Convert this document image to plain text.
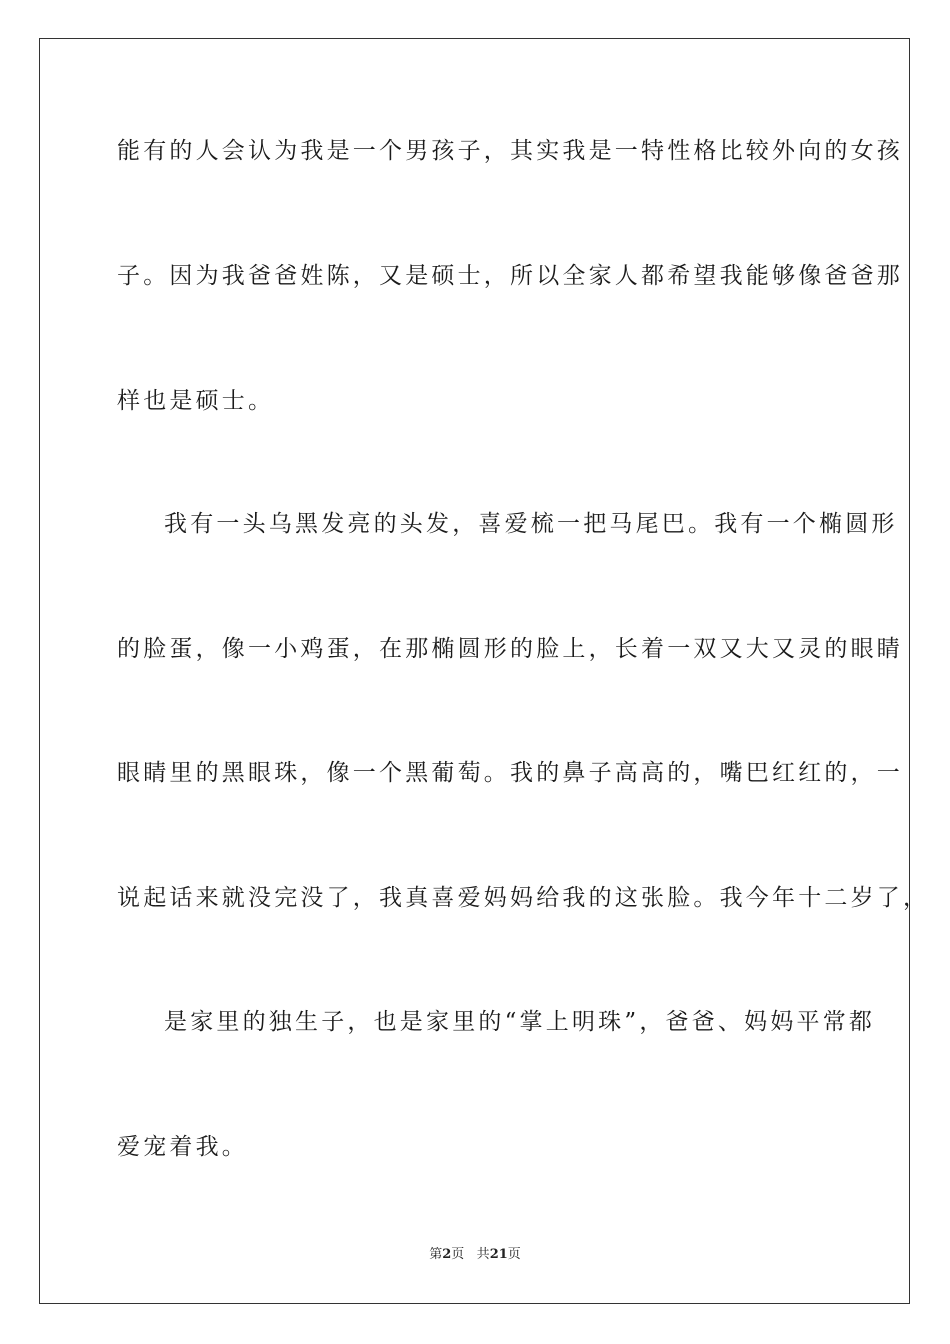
能有的人会认为我是一个男孩子，其实我是一特性格比较外向的女孩
子。因为我爸爸姓陈，又是硕士，所以全家人都希望我能够像爸爸那
样也是硕士。
我有一头乌黑发亮的头发，喜爱梳一把马尾巴。我有一个椭圆形
的脸蛋，像一小鸡蛋，在那椭圆形的脸上，长着一双又大又灵的眼睛
眼睛里的黑眼珠，像一个黑葡萄。我的鼻子高高的，嘴巴红红的，一
说起话来就没完没了，我真喜爱妈妈给我的这张脸。我今年十二岁了，
是家里的独生子，也是家里的“掌上明珠”，爸爸、妈妈平常都
爱宠着我。
第2页 共21页
